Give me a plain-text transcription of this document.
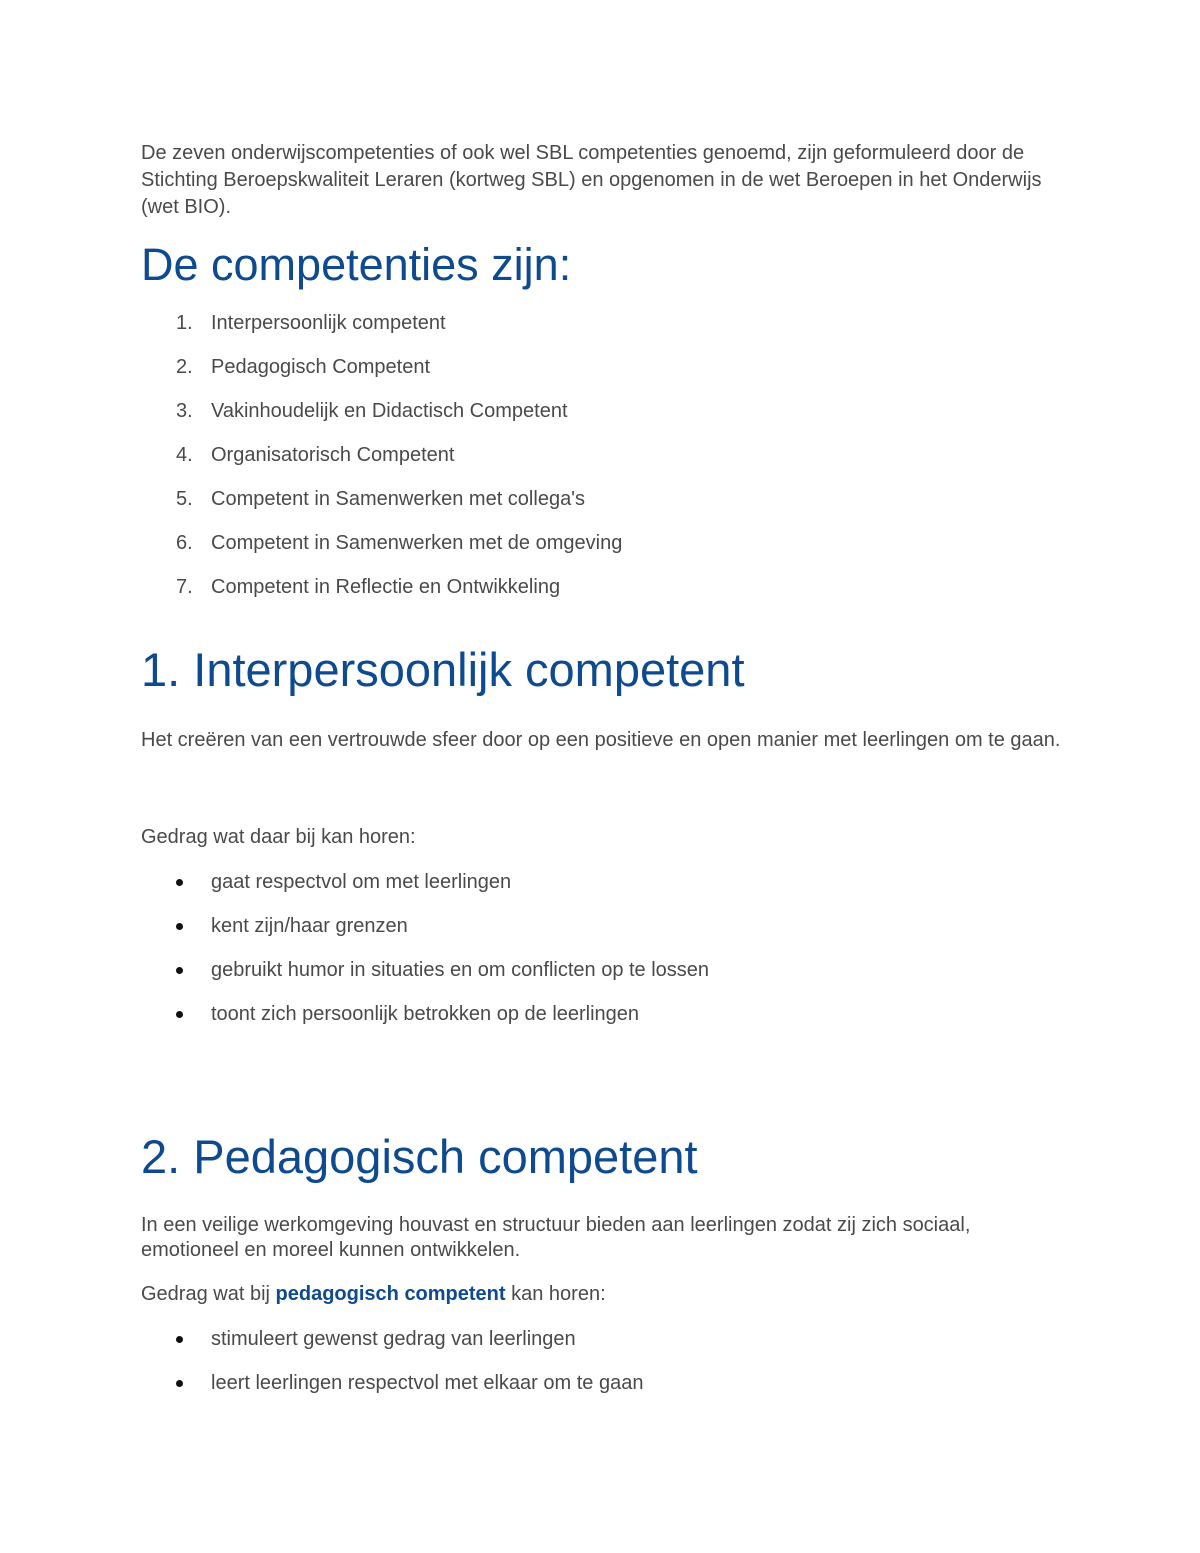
De zeven onderwijscompetenties of ook wel SBL competenties genoemd, zijn geformuleerd door de Stichting Beroepskwaliteit Leraren (kortweg SBL) en opgenomen in de wet Beroepen in het Onderwijs (wet BIO).

De competenties zijn:
1. Interpersoonlijk competent
2. Pedagogisch Competent
3. Vakinhoudelijk en Didactisch Competent
4. Organisatorisch Competent
5. Competent in Samenwerken met collega's
6. Competent in Samenwerken met de omgeving
7. Competent in Reflectie en Ontwikkeling
1. Interpersoonlijk competent

Het creëren van een vertrouwde sfeer door op een positieve en open manier met leerlingen om te gaan.

Gedrag wat daar bij kan horen:

gaat respectvol om met leerlingen
kent zijn/haar grenzen
gebruikt humor in situaties en om conflicten op te lossen
toont zich persoonlijk betrokken op de leerlingen
2. Pedagogisch competent

In een veilige werkomgeving houvast en structuur bieden aan leerlingen zodat zij zich sociaal, emotioneel en moreel kunnen ontwikkelen.

Gedrag wat bij pedagogisch competent kan horen:

stimuleert gewenst gedrag van leerlingen
leert leerlingen respectvol met elkaar om te gaan
